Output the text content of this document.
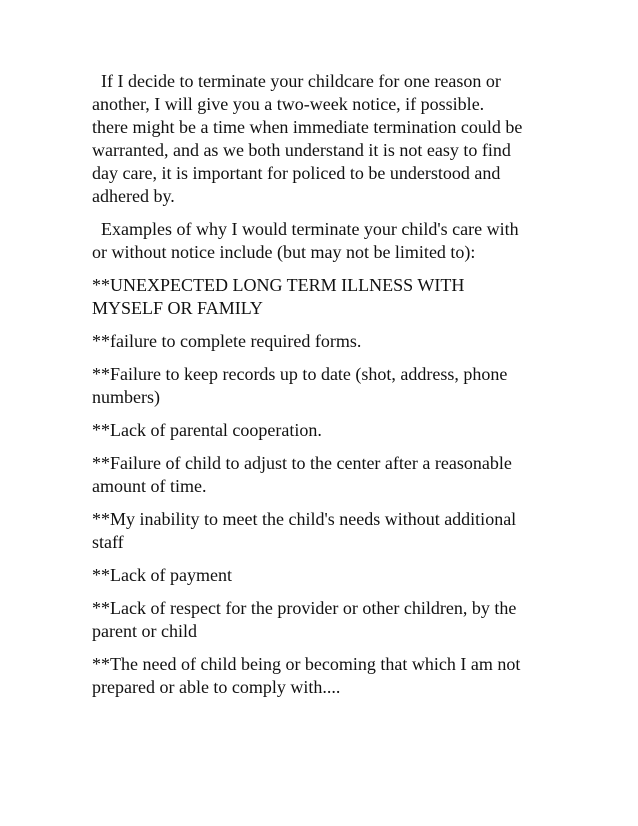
If I decide to terminate your childcare for one reason or
another, I will give you a two-week notice, if possible.
there might be a time when immediate termination could be
warranted, and as we both understand it is not easy to find
day care, it is important for policed to be understood and
adhered by.

Examples of why I would terminate your child's care with
or without notice include (but may not be limited to):

**UNEXPECTED LONG TERM ILLNESS WITH
MYSELF OR FAMILY

**failure to complete required forms.

**Failure to keep records up to date (shot, address, phone
numbers)

**Lack of parental cooperation.

**Failure of child to adjust to the center after a reasonable
amount of time.

**My inability to meet the child's needs without additional
staff

**Lack of payment

**Lack of respect for the provider or other children, by the
parent or child

**The need of child being or becoming that which I am not
prepared or able to comply with....
